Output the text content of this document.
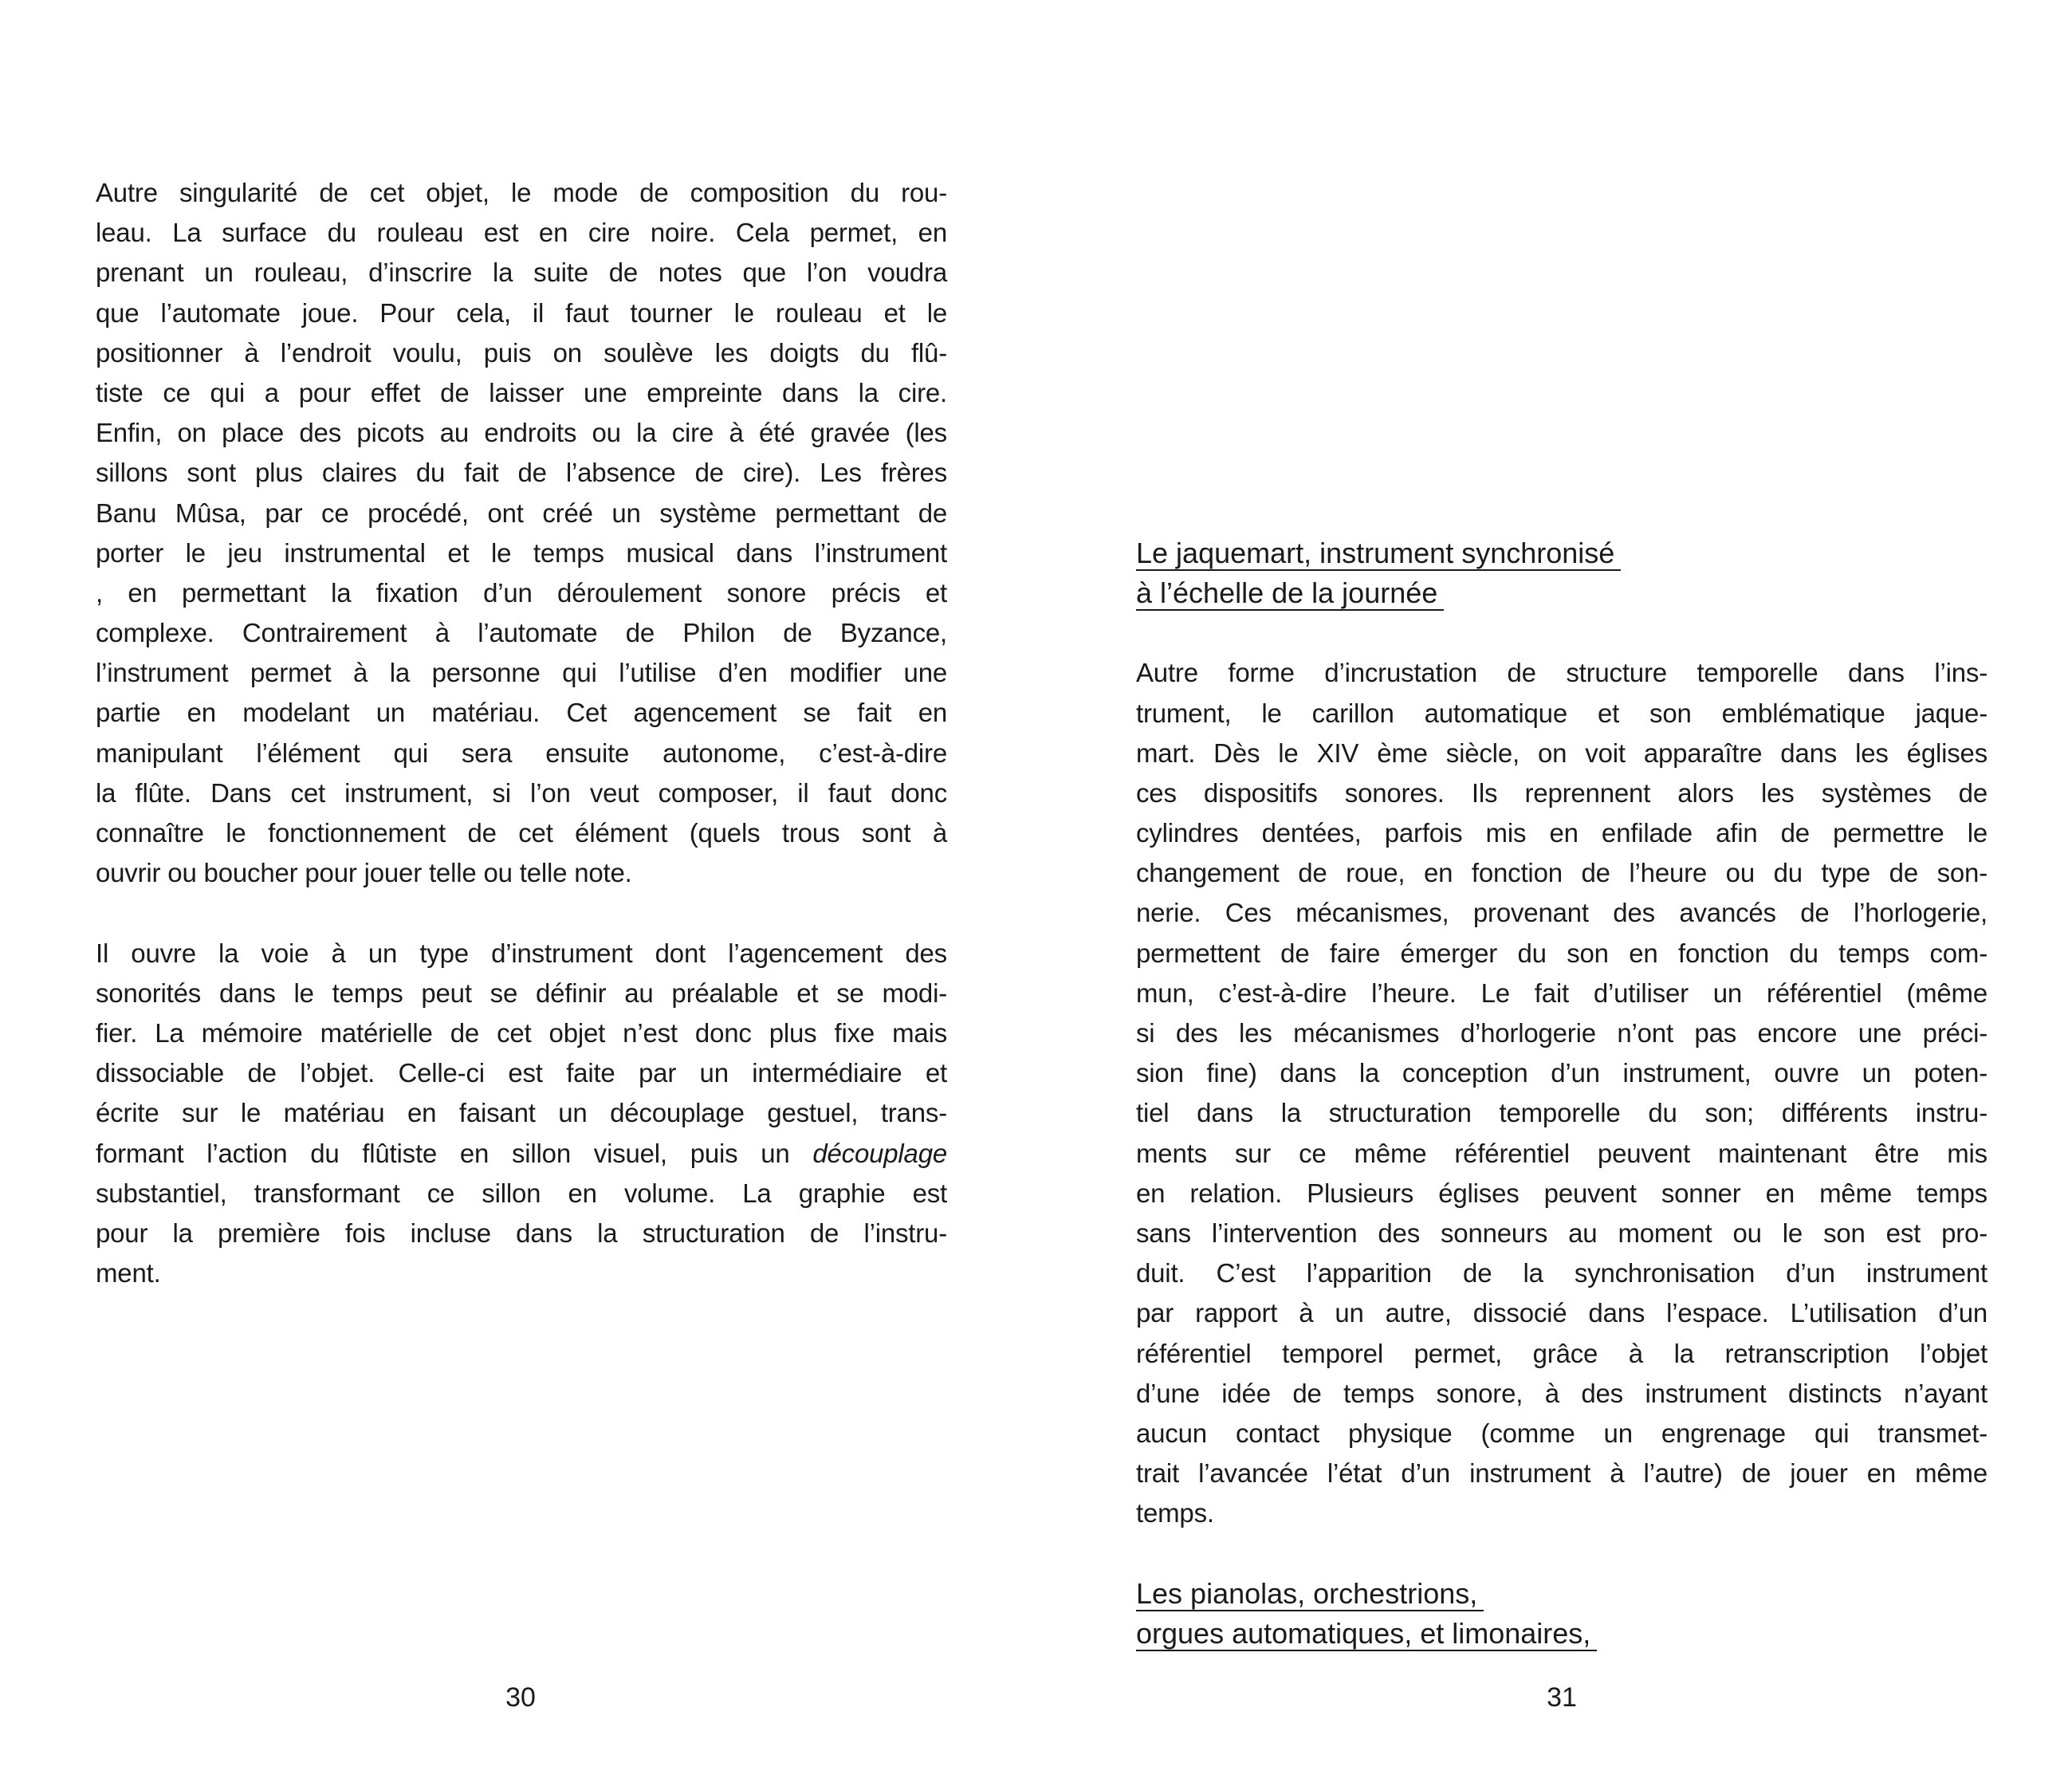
Autre singularité de cet objet, le mode de composition du rou-
leau. La surface du rouleau est en cire noire. Cela permet, en
prenant un rouleau, d’inscrire la suite de notes que l’on voudra
que l’automate joue. Pour cela, il faut tourner le rouleau et le
positionner à l’endroit voulu, puis on soulève les doigts du flû-
tiste ce qui a pour effet de laisser une empreinte dans la cire.
Enfin, on place des picots au endroits ou la cire à été gravée (les
sillons sont plus claires du fait de l’absence de cire). Les frères
Banu Mûsa, par ce procédé, ont créé un système permettant de
porter le jeu instrumental et le temps musical dans l’instrument
, en permettant la fixation d’un déroulement sonore précis et
complexe. Contrairement à l’automate de Philon de Byzance,
l’instrument permet à la personne qui l’utilise d’en modifier une
partie en modelant un matériau. Cet agencement se fait en
manipulant l’élément qui sera ensuite autonome, c’est-à-dire
la flûte. Dans cet instrument, si l’on veut composer, il faut donc
connaître le fonctionnement de cet élément (quels trous sont à
ouvrir ou boucher pour jouer telle ou telle note.
Il ouvre la voie à un type d’instrument dont l’agencement des
sonorités dans le temps peut se définir au préalable et se modi-
fier. La mémoire matérielle de cet objet n’est donc plus fixe mais
dissociable de l’objet. Celle-ci est faite par un intermédiaire et
écrite sur le matériau en faisant un découplage gestuel, trans-
formant l’action du flûtiste en sillon visuel, puis un découplage
substantiel, transformant ce sillon en volume. La graphie est
pour la première fois incluse dans la structuration de l’instru-
ment.
Le jaquemart, instrument synchronisé
à l’échelle de la journée
Autre forme d’incrustation de structure temporelle dans l’ins-
trument, le carillon automatique et son emblématique jaque-
mart. Dès le XIV ème siècle, on voit apparaître dans les églises
ces dispositifs sonores. Ils reprennent alors les systèmes de
cylindres dentées, parfois mis en enfilade afin de permettre le
changement de roue, en fonction de l’heure ou du type de son-
nerie. Ces mécanismes, provenant des avancés de l’horlogerie,
permettent de faire émerger du son en fonction du temps com-
mun, c’est-à-dire l’heure. Le fait d’utiliser un référentiel (même
si des les mécanismes d’horlogerie n’ont pas encore une préci-
sion fine) dans la conception d’un instrument, ouvre un poten-
tiel dans la structuration temporelle du son; différents instru-
ments sur ce même référentiel peuvent maintenant être mis
en relation. Plusieurs églises peuvent sonner en même temps
sans l’intervention des sonneurs au moment ou le son est pro-
duit. C’est l’apparition de la synchronisation d’un instrument
par rapport à un autre, dissocié dans l’espace. L’utilisation d’un
référentiel temporel permet, grâce à la retranscription l’objet
d’une idée de temps sonore, à des instrument distincts n’ayant
aucun contact physique (comme un engrenage qui transmet-
trait l’avancée l’état d’un instrument à l’autre) de jouer en même
temps.
Les pianolas, orchestrions,
orgues automatiques, et limonaires,
30	31
